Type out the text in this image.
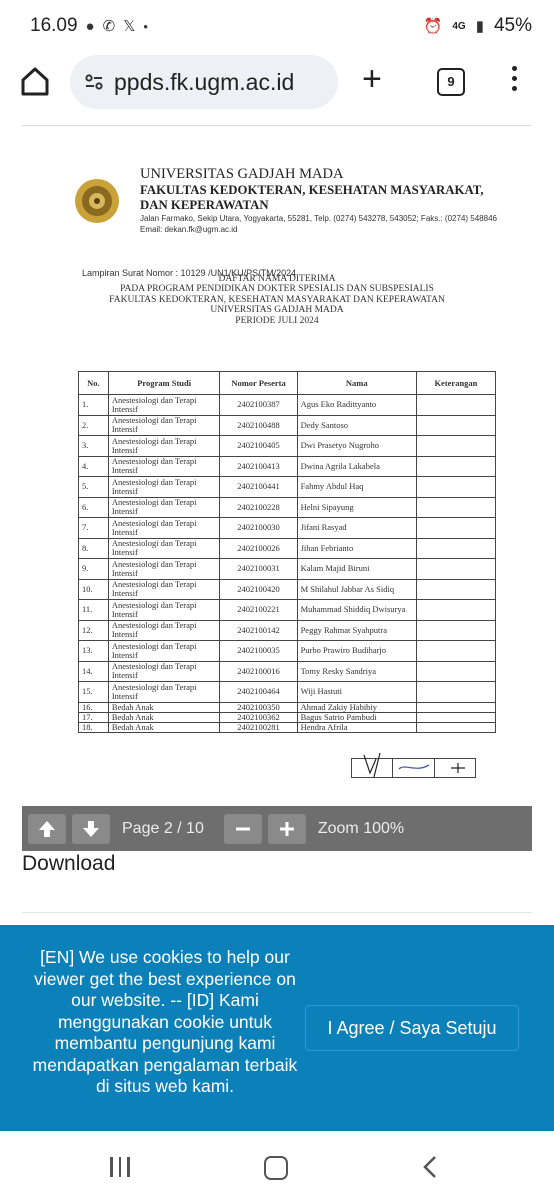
16.09 ● ✆ 𝕏 ●	⏰ 4G ▮ 45%
ppds.fk.ugm.ac.id +	9
UNIVERSITAS GADJAH MADA
FAKULTAS KEDOKTERAN, KESEHATAN MASYARAKAT,
DAN KEPERAWATAN
Jalan Farmako, Sekip Utara, Yogyakarta, 55281, Telp. (0274) 543278, 543052; Faks.: (0274) 548846
Email: dekan.fk@ugm.ac.id
Lampiran Surat Nomor : 10129 /UN1/KU/PS/TM/2024
DAFTAR NAMA DITERIMA
PADA PROGRAM PENDIDIKAN DOKTER SPESIALIS DAN SUBSPESIALIS
FAKULTAS KEDOKTERAN, KESEHATAN MASYARAKAT DAN KEPERAWATAN
UNIVERSITAS GADJAH MADA
PERIODE JULI 2024
No.	Program Studi	Nomor Peserta	Nama	Keterangan
1.	Anestesiologi dan Terapi Intensif	2402100387	Agus Eko Radittyanto	
2.	Anestesiologi dan Terapi Intensif	2402100488	Dedy Santoso	
3.	Anestesiologi dan Terapi Intensif	2402100405	Dwi Prasetyo Nugroho	
4.	Anestesiologi dan Terapi Intensif	2402100413	Dwina Agrila Lakabela	
5.	Anestesiologi dan Terapi Intensif	2402100441	Fahmy Abdul Haq	
6.	Anestesiologi dan Terapi Intensif	2402100228	Helni Sipayung	
7.	Anestesiologi dan Terapi Intensif	2402100030	Jifani Rasyad	
8.	Anestesiologi dan Terapi Intensif	2402100026	Jihan Febrianto	
9.	Anestesiologi dan Terapi Intensif	2402100031	Kalam Majid Biruni	
10.	Anestesiologi dan Terapi Intensif	2402100420	M Shilahul Jabbar As Sidiq	
11.	Anestesiologi dan Terapi Intensif	2402100221	Muhammad Shiddiq Dwisurya	
12.	Anestesiologi dan Terapi Intensif	2402100142	Peggy Rahmat Syahputra	
13.	Anestesiologi dan Terapi Intensif	2402100035	Purbo Prawiro Budiharjo	
14.	Anestesiologi dan Terapi Intensif	2402100016	Tomy Resky Sandriya	
15.	Anestesiologi dan Terapi Intensif	2402100464	Wiji Hastuti	
16.	Bedah Anak	2402100350	Ahmad Zakiy Habibiy	
17.	Bedah Anak	2402100362	Bagus Satrio Pambudi	
18.	Bedah Anak	2402100281	Hendra Afrila	
Page 2 / 10	Zoom 100%
Download
[EN] We use cookies to help our viewer get the best experience on our website. -- [ID] Kami menggunakan cookie untuk membantu pengunjung kami mendapatkan pengalaman terbaik di situs web kami.
I Agree / Saya Setuju
